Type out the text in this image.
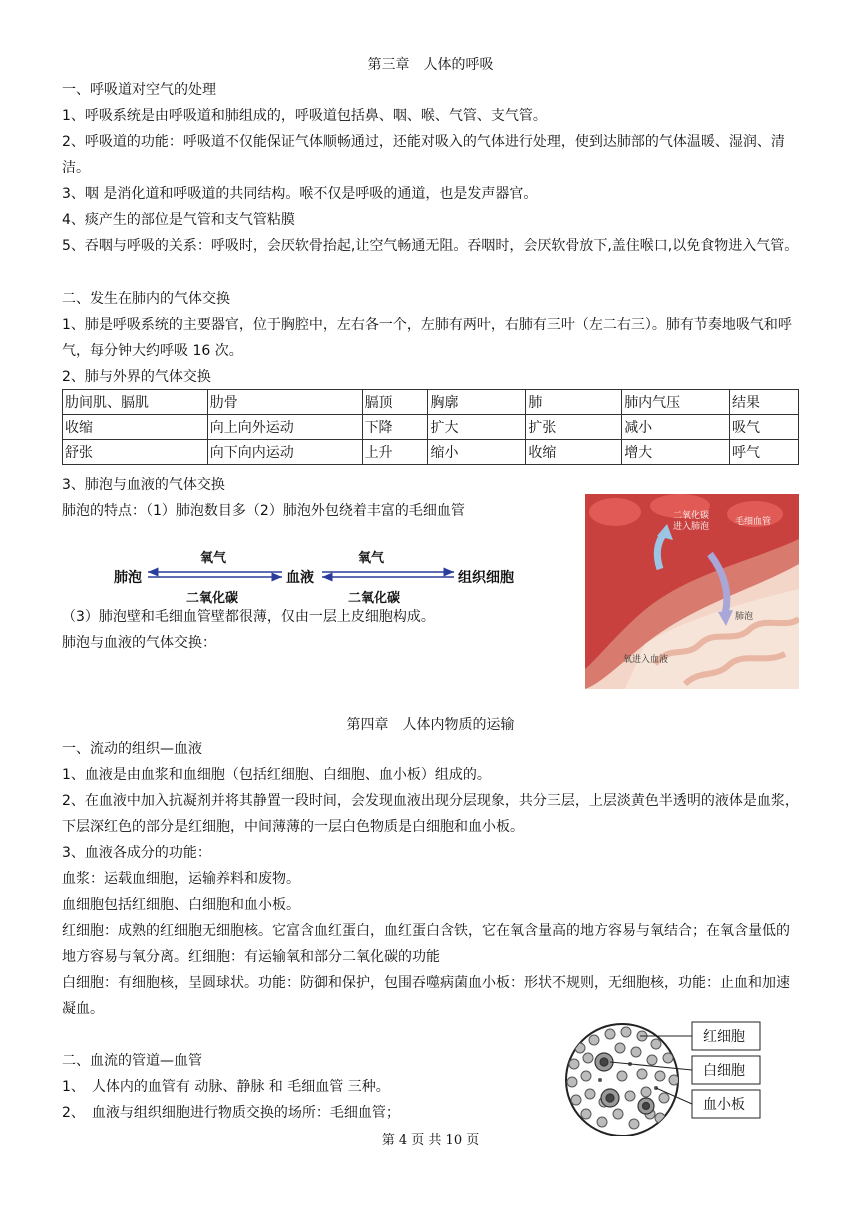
第三章　人体的呼吸
一、呼吸道对空气的处理
1、呼吸系统是由呼吸道和肺组成的，呼吸道包括鼻、咽、喉、气管、支气管。
2、呼吸道的功能：呼吸道不仅能保证气体顺畅通过，还能对吸入的气体进行处理，使到达肺部的气体温暖、湿润、清洁。
3、咽 是消化道和呼吸道的共同结构。喉不仅是呼吸的通道，也是发声器官。
4、痰产生的部位是气管和支气管粘膜
5、吞咽与呼吸的关系：呼吸时，会厌软骨抬起,让空气畅通无阻。吞咽时，会厌软骨放下,盖住喉口,以免食物进入气管。
二、发生在肺内的气体交换
1、肺是呼吸系统的主要器官，位于胸腔中，左右各一个，左肺有两叶，右肺有三叶（左二右三）。肺有节奏地吸气和呼气，每分钟大约呼吸 16 次。
2、肺与外界的气体交换
肋间肌、膈肌	肋骨	膈顶	胸廓	肺	肺内气压	结果
收缩	向上向外运动	下降	扩大	扩张	减小	吸气
舒张	向下向内运动	上升	缩小	收缩	增大	呼气
3、肺泡与血液的气体交换
肺泡的特点：（1）肺泡数目多（2）肺泡外包绕着丰富的毛细血管
肺泡	血液	组织细胞
氧气	氧气
二氧化碳	二氧化碳
（3）肺泡壁和毛细血管壁都很薄，仅由一层上皮细胞构成。
肺泡与血液的气体交换：
二氧化碳 进入肺泡	毛细血管
肺泡
氧进入血液
第四章　人体内物质的运输
一、流动的组织—血液
1、血液是由血浆和血细胞（包括红细胞、白细胞、血小板）组成的。
2、在血液中加入抗凝剂并将其静置一段时间，会发现血液出现分层现象，共分三层，上层淡黄色半透明的液体是血浆，下层深红色的部分是红细胞，中间薄薄的一层白色物质是白细胞和血小板。
3、血液各成分的功能：
血浆：运载血细胞，运输养料和废物。
血细胞包括红细胞、白细胞和血小板。
红细胞：成熟的红细胞无细胞核。它富含血红蛋白，血红蛋白含铁，它在氧含量高的地方容易与氧结合；在氧含量低的地方容易与氧分离。红细胞：有运输氧和部分二氧化碳的功能
白细胞：有细胞核，呈圆球状。功能：防御和保护，包围吞噬病菌血小板：形状不规则，无细胞核，功能：止血和加速凝血。
二、血流的管道—血管
1、　人体内的血管有 动脉、静脉 和 毛细血管 三种。
2、　血液与组织细胞进行物质交换的场所：毛细血管；
红细胞
白细胞
血小板
第 4 页 共 10 页
